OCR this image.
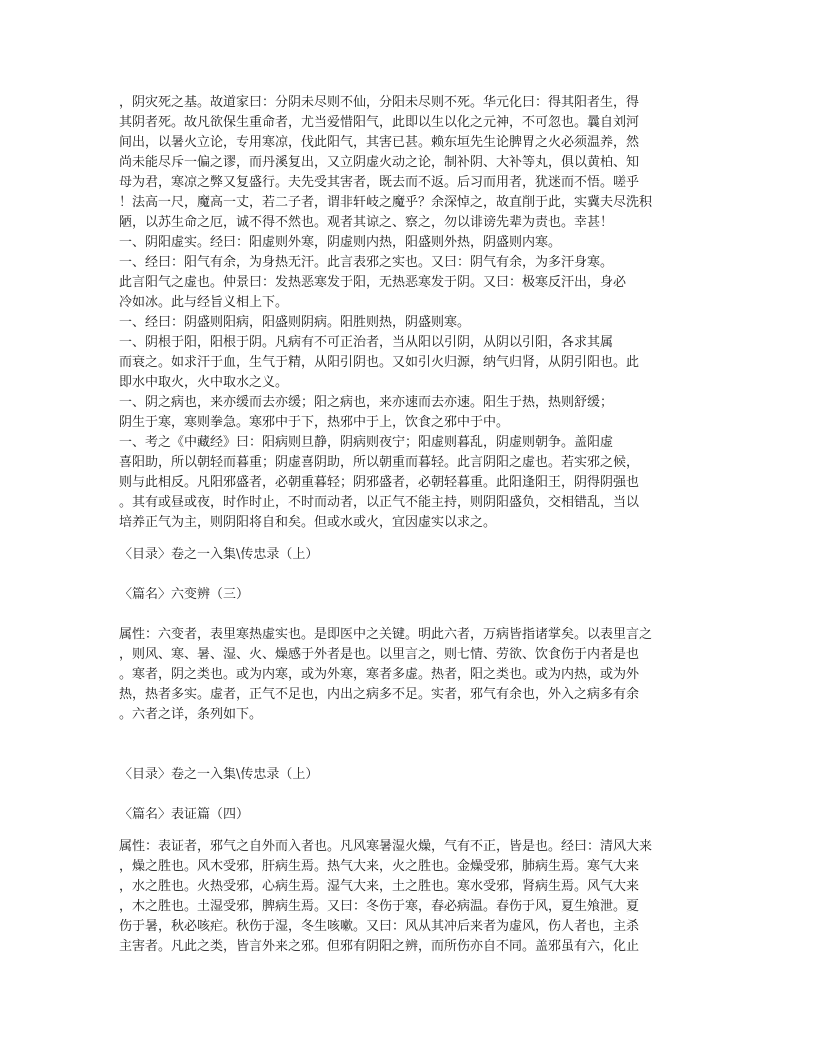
，阴灾死之基。故道家曰：分阴未尽则不仙，分阳未尽则不死。华元化曰：得其阳者生，得
其阴者死。故凡欲保生重命者，尤当爱惜阳气，此即以生以化之元神，不可忽也。曩自刘河
间出，以暑火立论，专用寒凉，伐此阳气，其害已甚。赖东垣先生论脾胃之火必须温养，然
尚未能尽斥一偏之谬，而丹溪复出，又立阴虚火动之论，制补阴、大补等丸，俱以黄柏、知
母为君，寒凉之弊又复盛行。夫先受其害者，既去而不返。后习而用者，犹迷而不悟。嗟乎
！法高一尺，魔高一丈，若二子者，谓非轩岐之魔乎？余深悼之，故直削于此，实冀夫尽洗积
陋，以苏生命之厄，诚不得不然也。观者其谅之、察之，勿以诽谤先辈为责也。幸甚！
一、阴阳虚实。经曰：阳虚则外寒，阴虚则内热，阳盛则外热，阴盛则内寒。
一、经曰：阳气有余，为身热无汗。此言表邪之实也。又曰：阴气有余，为多汗身寒。
此言阳气之虚也。仲景曰：发热恶寒发于阳，无热恶寒发于阴。又曰：极寒反汗出，身必
冷如冰。此与经旨义相上下。
一、经曰：阴盛则阳病，阳盛则阴病。阳胜则热，阴盛则寒。
一、阴根于阳，阳根于阴。凡病有不可正治者，当从阳以引阴，从阴以引阳，各求其属
而衰之。如求汗于血，生气于精，从阳引阴也。又如引火归源，纳气归肾，从阴引阳也。此
即水中取火，火中取水之义。
一、阴之病也，来亦缓而去亦缓；阳之病也，来亦速而去亦速。阳生于热，热则舒缓；
阴生于寒，寒则拳急。寒邪中于下，热邪中于上，饮食之邪中于中。
一、考之《中藏经》曰：阳病则旦静，阴病则夜宁；阳虚则暮乱，阴虚则朝争。盖阳虚
喜阳助，所以朝轻而暮重；阴虚喜阴助，所以朝重而暮轻。此言阴阳之虚也。若实邪之候，
则与此相反。凡阳邪盛者，必朝重暮轻；阴邪盛者，必朝轻暮重。此阳逢阳王，阴得阴强也
。其有或昼或夜，时作时止，不时而动者，以正气不能主持，则阴阳盛负，交相错乱，当以
培养正气为主，则阴阳将自和矣。但或水或火，宜因虚实以求之。
〈目录〉卷之一入集\传忠录（上）
〈篇名〉六变辨（三）
属性：六变者，表里寒热虚实也。是即医中之关键。明此六者，万病皆指诸掌矣。以表里言之
，则风、寒、暑、湿、火、燥感于外者是也。以里言之，则七情、劳欲、饮食伤于内者是也
。寒者，阴之类也。或为内寒，或为外寒，寒者多虚。热者，阳之类也。或为内热，或为外
热，热者多实。虚者，正气不足也，内出之病多不足。实者，邪气有余也，外入之病多有余
。六者之详，条列如下。
〈目录〉卷之一入集\传忠录（上）
〈篇名〉表证篇（四）
属性：表证者，邪气之自外而入者也。凡风寒暑湿火燥，气有不正，皆是也。经曰：清风大来
，燥之胜也。风木受邪，肝病生焉。热气大来，火之胜也。金燥受邪，肺病生焉。寒气大来
，水之胜也。火热受邪，心病生焉。湿气大来，土之胜也。寒水受邪，肾病生焉。风气大来
，木之胜也。土湿受邪，脾病生焉。又曰：冬伤于寒，春必病温。春伤于风，夏生飧泄。夏
伤于暑，秋必咳疟。秋伤于湿，冬生咳嗽。又曰：风从其冲后来者为虚风，伤人者也，主杀
主害者。凡此之类，皆言外来之邪。但邪有阴阳之辨，而所伤亦自不同。盖邪虽有六，化止
